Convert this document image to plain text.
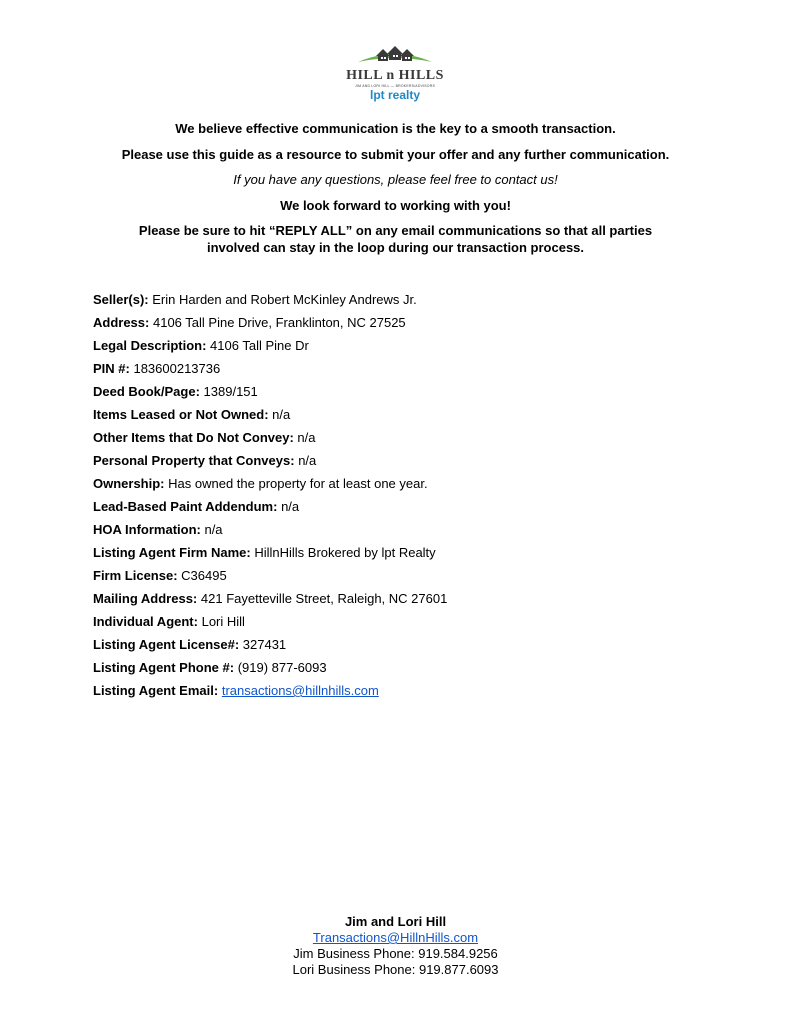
HILL n HILLS
JIM AND LORI HILL — BROKERS/ADVISORS
lpt realty
We believe effective communication is the key to a smooth transaction.
Please use this guide as a resource to submit your offer and any further communication.
If you have any questions, please feel free to contact us!
We look forward to working with you!
Please be sure to hit “REPLY ALL” on any email communications so that all parties
involved can stay in the loop during our transaction process.
Seller(s): Erin Harden and Robert McKinley Andrews Jr.
Address: 4106 Tall Pine Drive, Franklinton, NC 27525
Legal Description: 4106 Tall Pine Dr
PIN #: 183600213736
Deed Book/Page: 1389/151
Items Leased or Not Owned: n/a
Other Items that Do Not Convey: n/a
Personal Property that Conveys: n/a
Ownership: Has owned the property for at least one year.
Lead-Based Paint Addendum: n/a
HOA Information: n/a
Listing Agent Firm Name: HillnHills Brokered by lpt Realty
Firm License: C36495
Mailing Address: 421 Fayetteville Street, Raleigh, NC 27601
Individual Agent: Lori Hill
Listing Agent License#: 327431
Listing Agent Phone #: (919) 877-6093
Listing Agent Email: transactions@hillnhills.com
Jim and Lori Hill
Transactions@HillnHills.com
Jim Business Phone: 919.584.9256
Lori Business Phone: 919.877.6093
